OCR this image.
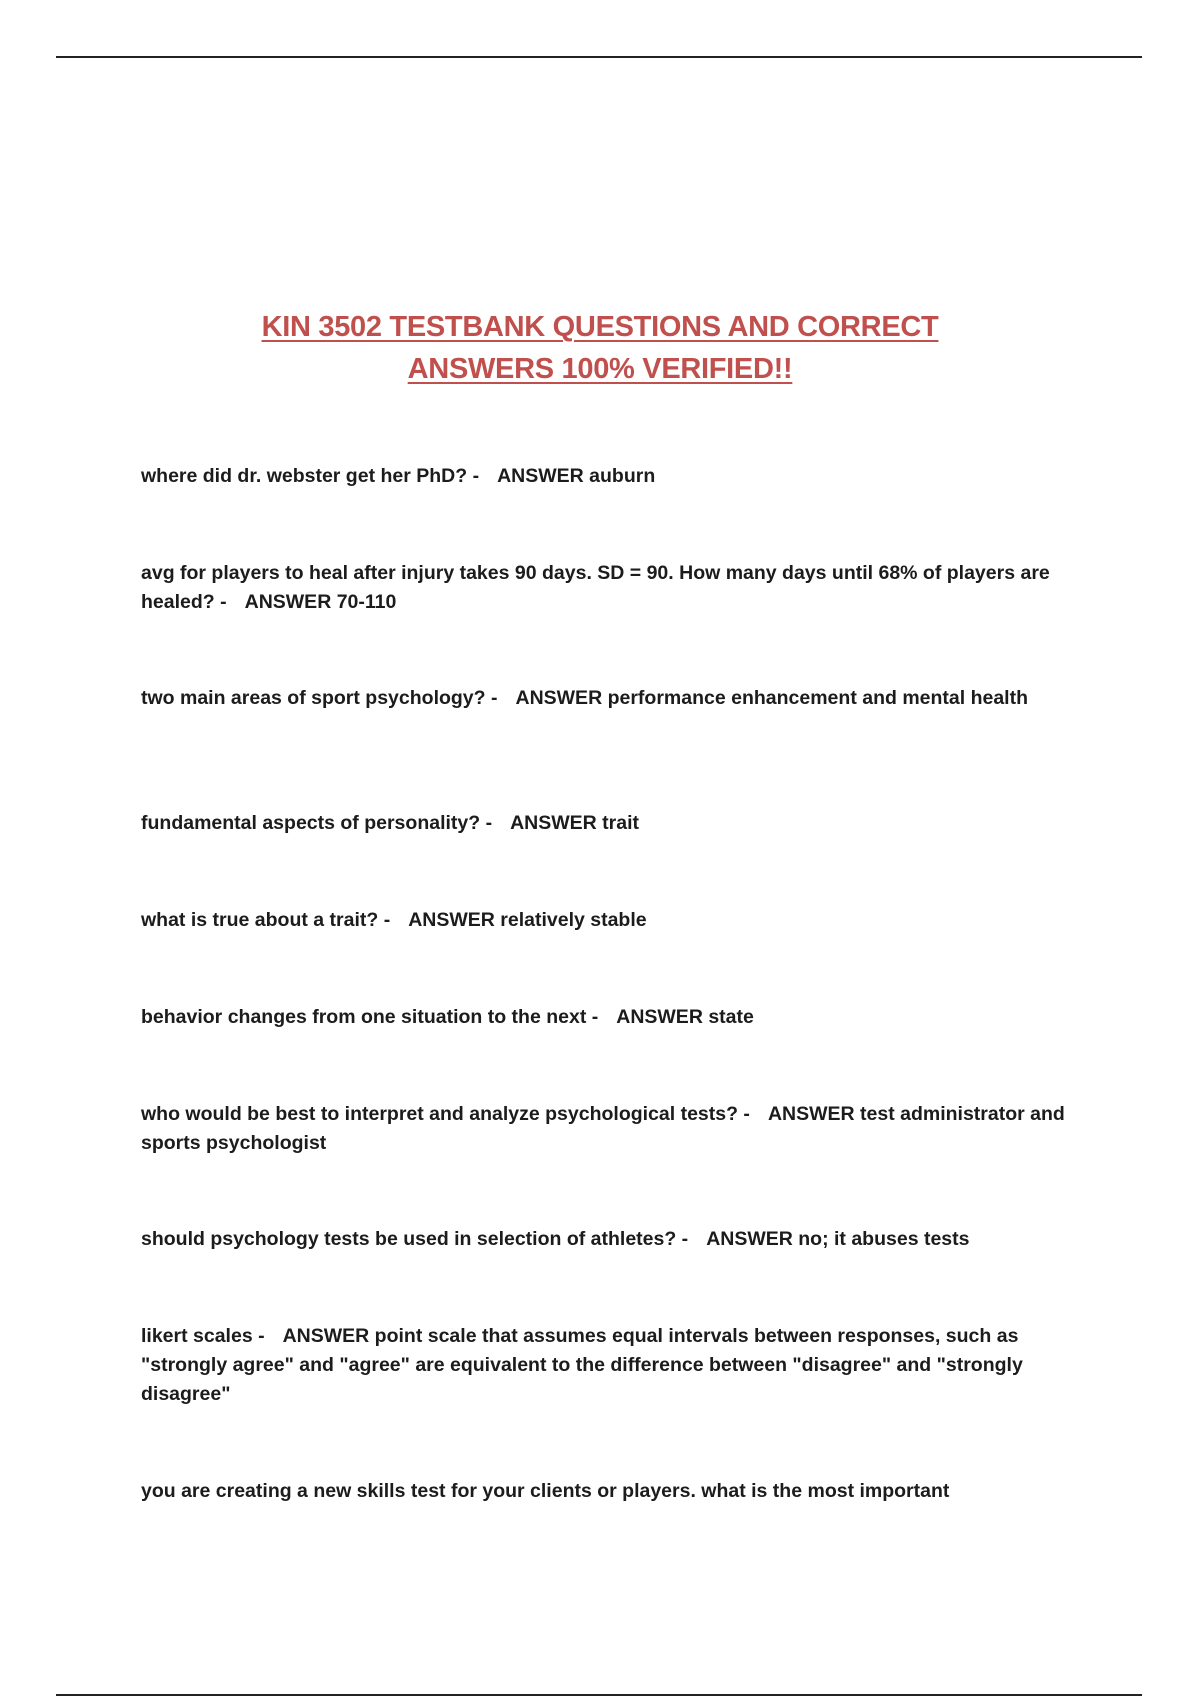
KIN 3502 TESTBANK QUESTIONS AND CORRECT
ANSWERS 100% VERIFIED!!
where did dr. webster get her PhD? - ANSWER auburn
avg for players to heal after injury takes 90 days. SD = 90. How many days until 68% of players are healed? - ANSWER 70-110
two main areas of sport psychology? - ANSWER performance enhancement and mental health
fundamental aspects of personality? - ANSWER trait
what is true about a trait? - ANSWER relatively stable
behavior changes from one situation to the next - ANSWER state
who would be best to interpret and analyze psychological tests? - ANSWER test administrator and sports psychologist
should psychology tests be used in selection of athletes? - ANSWER no; it abuses tests
likert scales - ANSWER point scale that assumes equal intervals between responses, such as "strongly agree" and "agree" are equivalent to the difference between "disagree" and "strongly disagree"
you are creating a new skills test for your clients or players. what is the most important
